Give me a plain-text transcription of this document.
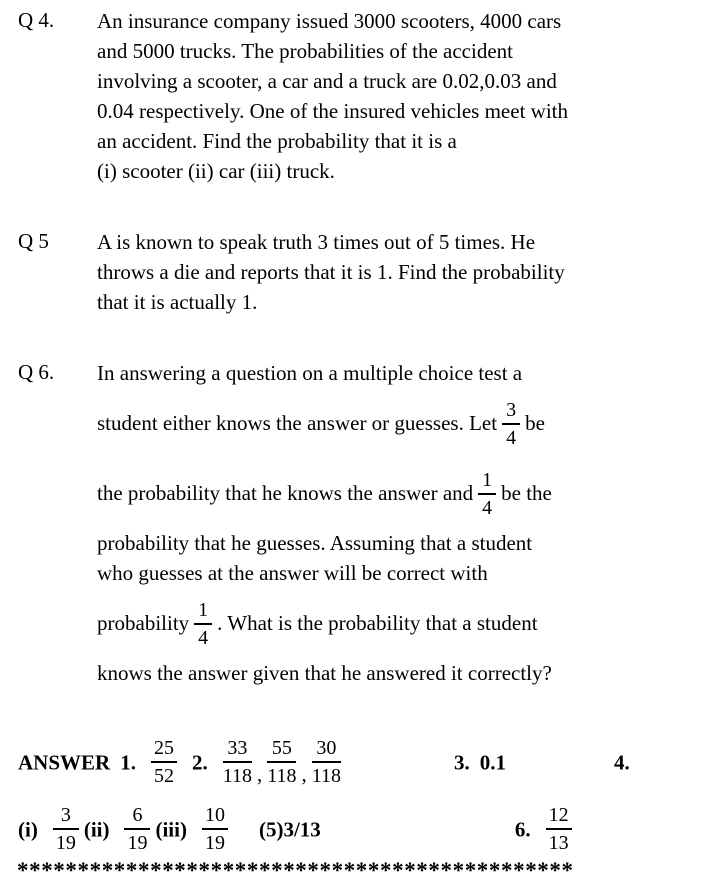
Q 4. An insurance company issued 3000 scooters, 4000 cars
and 5000 trucks. The probabilities of the accident
involving a scooter, a car and a truck are 0.02,0.03 and
0.04 respectively. One of the insured vehicles meet with
an accident. Find the probability that it is a
(i) scooter (ii) car (iii) truck.
Q 5 A is known to speak truth 3 times out of 5 times. He
throws a die and reports that it is 1. Find the probability
that it is actually 1.
Q 6. In answering a question on a multiple choice test a
student either knows the answer or guesses. Let $\frac{3}{4}$ be
the probability that he knows the answer and $\frac{1}{4}$ be the
probability that he guesses. Assuming that a student
who guesses at the answer will be correct with
probability $\frac{1}{4}$ . What is the probability that a student
knows the answer given that he answered it correctly?
ANSWER 1. $\frac{25}{52} 2$. $\frac{33}{118}$ , $\frac{55}{118}$ , $\frac{30}{118}$	3. 0.1	4.
$(i) \frac{3}{19} (ii) \frac{6}{19} (iii) \frac{10}{19} (5)3/13$	6. $\frac{12}{13}$
**********************************************
